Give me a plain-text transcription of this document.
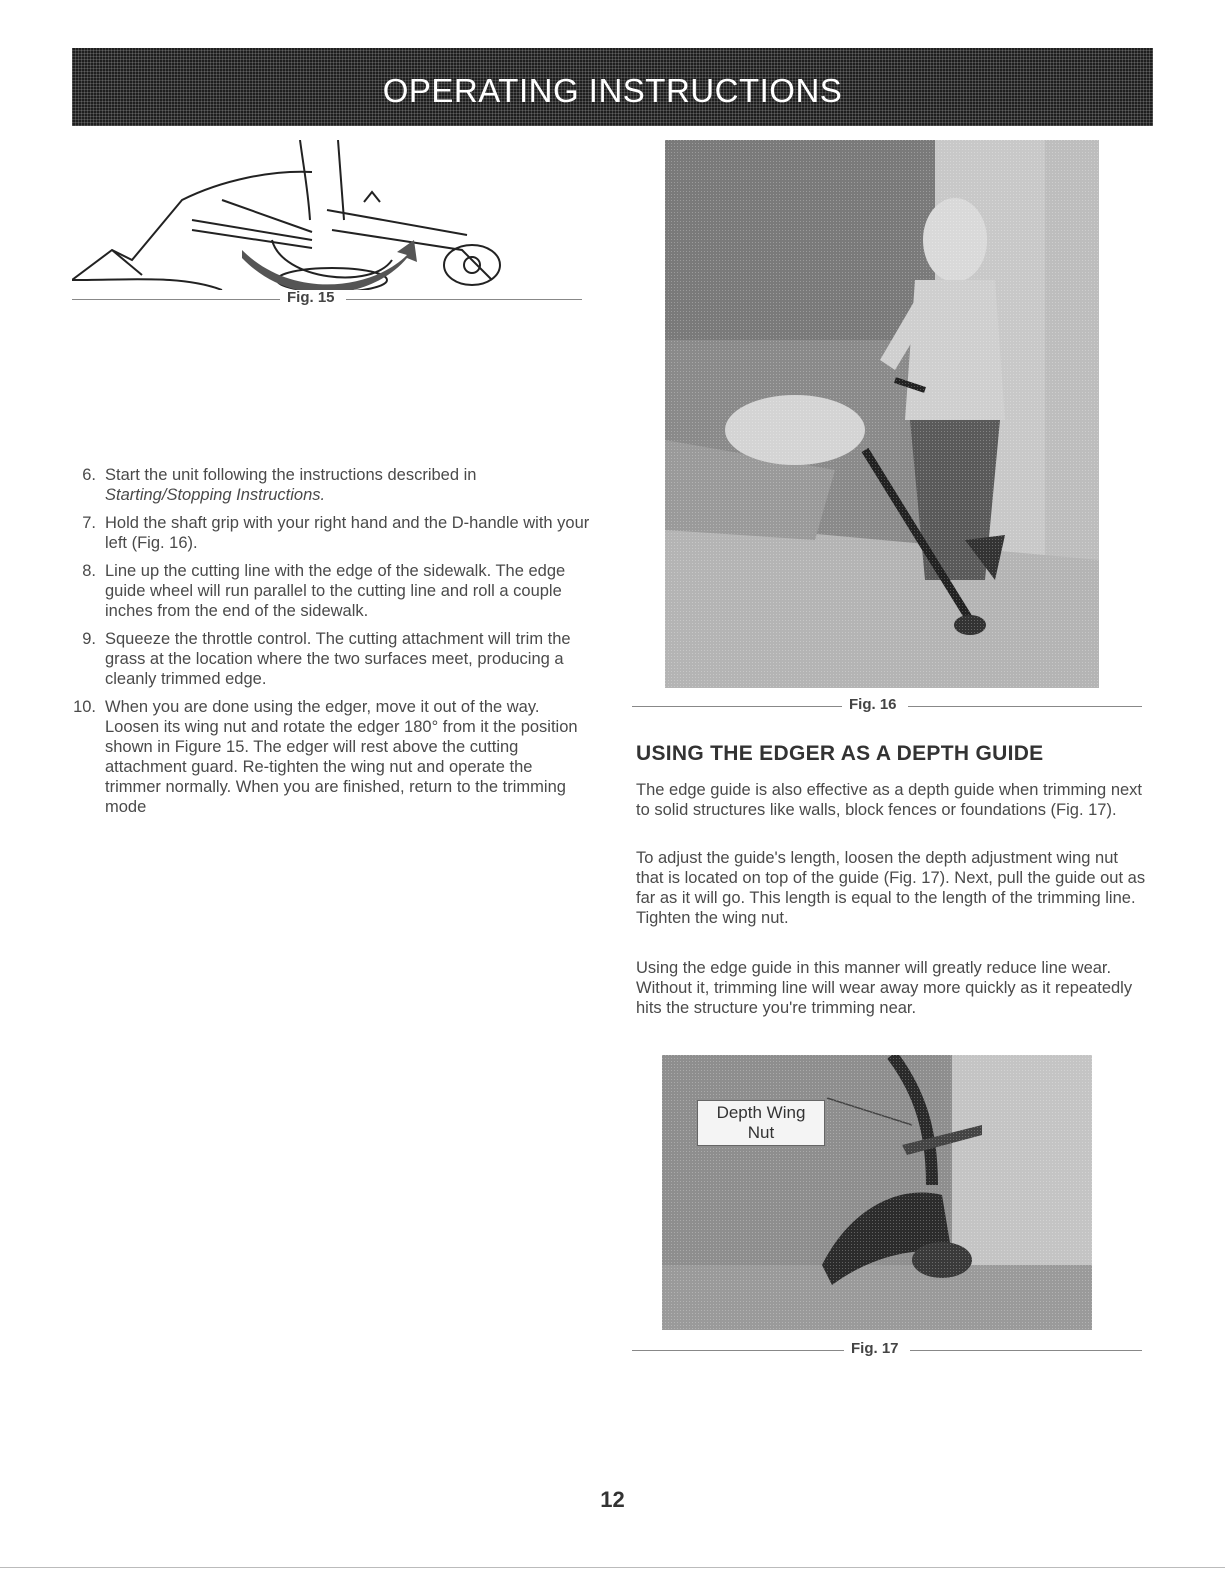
OPERATING INSTRUCTIONS
Fig. 15
6. Start the unit following the instructions described in
Starting/Stopping Instructions.
7. Hold the shaft grip with your right hand and the D-handle with your left (Fig. 16).
8. Line up the cutting line with the edge of the sidewalk. The edge guide wheel will run parallel to the cutting line and roll a couple inches from the end of the sidewalk.
9. Squeeze the throttle control. The cutting attachment will trim the grass at the location where the two surfaces meet, producing a cleanly trimmed edge.
10. When you are done using the edger, move it out of the way. Loosen its wing nut and rotate the edger 180° from it the position shown in Figure 15. The edger will rest above the cutting attachment guard. Re-tighten the wing nut and operate the trimmer normally. When you are finished, return to the trimming mode
Fig. 16
USING THE EDGER AS A DEPTH GUIDE

The edge guide is also effective as a depth guide when trimming next to solid structures like walls, block fences or foundations (Fig. 17).

To adjust the guide's length, loosen the depth adjustment wing nut that is located on top of the guide (Fig. 17). Next, pull the guide out as far as it will go. This length is equal to the length of the trimming line. Tighten the wing nut.

Using the edge guide in this manner will greatly reduce line wear. Without it, trimming line will wear away more quickly as it repeatedly hits the structure you're trimming near.

Depth Wing
Nut
Fig. 17
12
